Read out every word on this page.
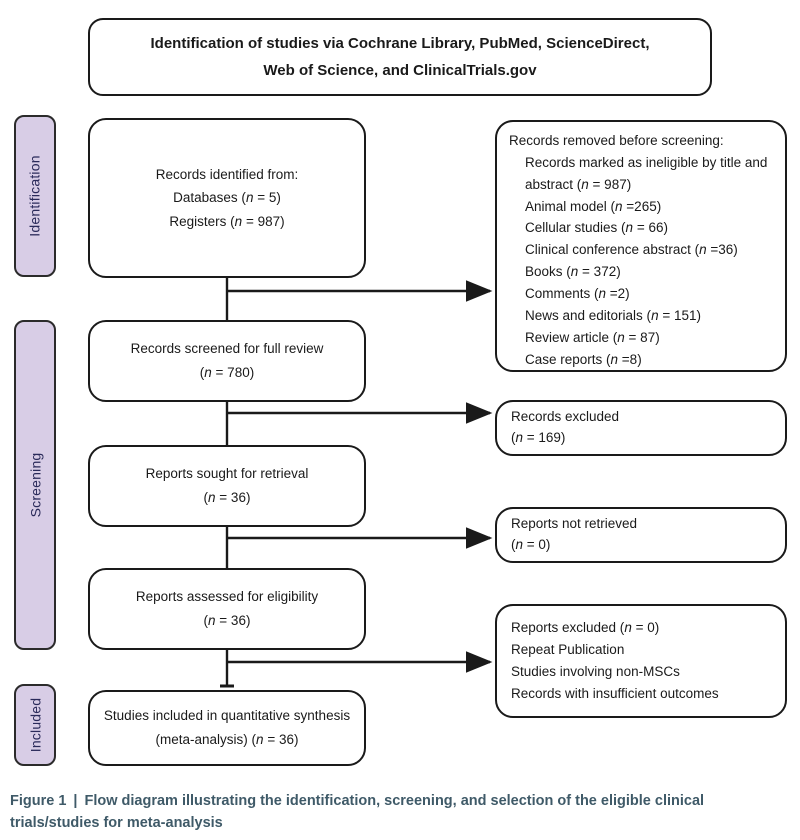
Identification of studies via Cochrane Library, PubMed, ScienceDirect,
Web of Science, and ClinicalTrials.gov
Identification
Screening
Included
Records identified from:
Databases (n = 5)
Registers (n = 987)
Records screened for full review
(n = 780)
Reports sought for retrieval
(n = 36)
Reports assessed for eligibility
(n = 36)
Studies included in quantitative synthesis
(meta-analysis) (n = 36)
Records removed before screening:
Records marked as ineligible by title and abstract (n = 987)
Animal model (n =265)
Cellular studies (n = 66)
Clinical conference abstract (n =36)
Books (n = 372)
Comments (n =2)
News and editorials (n = 151)
Review article (n = 87)
Case reports (n =8)
Records excluded
(n = 169)
Reports not retrieved
(n = 0)
Reports excluded (n = 0)
Repeat Publication
Studies involving non-MSCs
Records with insufficient outcomes
Figure 1 | Flow diagram illustrating the identification, screening, and selection of the eligible clinical trials/studies for meta-analysis
